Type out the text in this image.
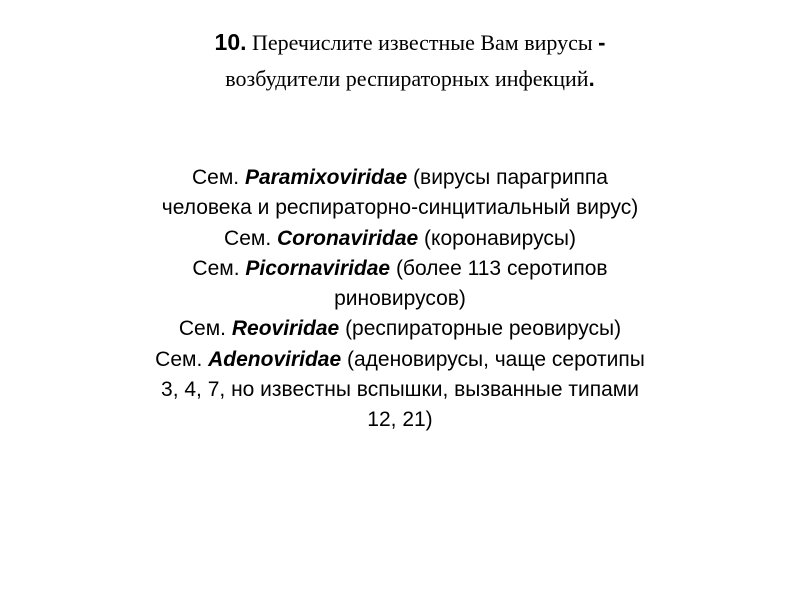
10. Перечислите известные Вам вирусы -
возбудители респираторных инфекций.
Сем. Paramixoviridae (вирусы парагриппа
человека и респираторно-синцитиальный вирус)
Сем. Coronaviridae (коронавирусы)
Сем. Picornaviridae (более 113 серотипов
риновирусов)
Сем. Reoviridae (респираторные реовирусы)
Сем. Adenoviridae (аденовирусы, чаще серотипы
3, 4, 7, но известны вспышки, вызванные типами
12, 21)
